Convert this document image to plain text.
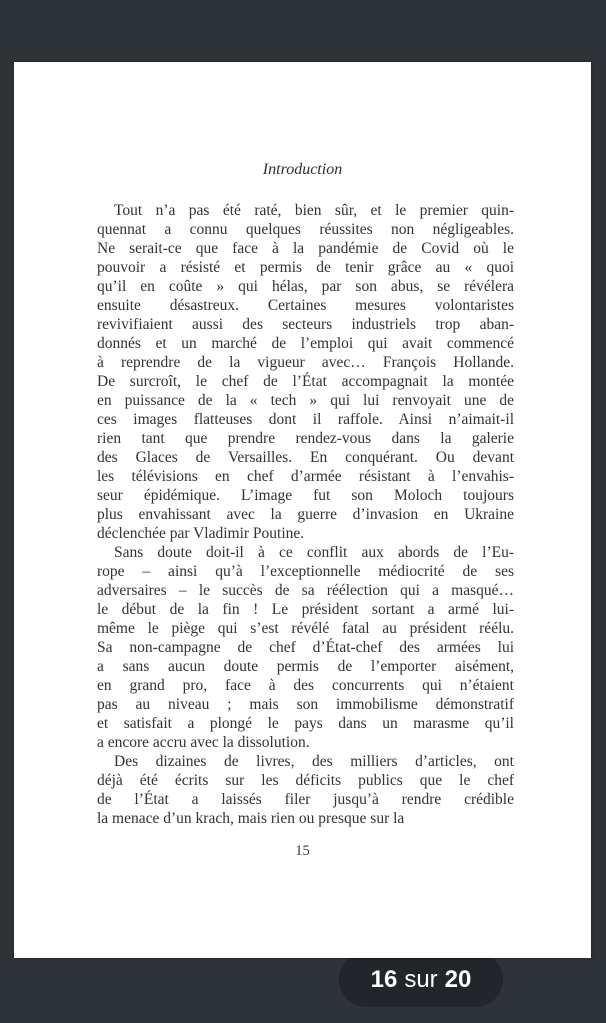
16 sur 20
Introduction
Tout n’a pas été raté, bien sûr, et le premier quin-
quennat a connu quelques réussites non négligeables.
Ne serait-ce que face à la pandémie de Covid où le
pouvoir a résisté et permis de tenir grâce au « quoi
qu’il en coûte » qui hélas, par son abus, se révélera
ensuite désastreux. Certaines mesures volontaristes
revivifiaient aussi des secteurs industriels trop aban-
donnés et un marché de l’emploi qui avait commencé
à reprendre de la vigueur avec… François Hollande.
De surcroît, le chef de l’État accompagnait la montée
en puissance de la « tech » qui lui renvoyait une de
ces images flatteuses dont il raffole. Ainsi n’aimait-il
rien tant que prendre rendez-vous dans la galerie
des Glaces de Versailles. En conquérant. Ou devant
les télévisions en chef d’armée résistant à l’envahis-
seur épidémique. L’image fut son Moloch toujours
plus envahissant avec la guerre d’invasion en Ukraine
déclenchée par Vladimir Poutine.
Sans doute doit-il à ce conflit aux abords de l’Eu-
rope – ainsi qu’à l’exceptionnelle médiocrité de ses
adversaires – le succès de sa réélection qui a masqué…
le début de la fin ! Le président sortant a armé lui-
même le piège qui s’est révélé fatal au président réélu.
Sa non-campagne de chef d’État-chef des armées lui
a sans aucun doute permis de l’emporter aisément,
en grand pro, face à des concurrents qui n’étaient
pas au niveau ; mais son immobilisme démonstratif
et satisfait a plongé le pays dans un marasme qu’il
a encore accru avec la dissolution.
Des dizaines de livres, des milliers d’articles, ont
déjà été écrits sur les déficits publics que le chef
de l’État a laissés filer jusqu’à rendre crédible
la menace d’un krach, mais rien ou presque sur la
15
